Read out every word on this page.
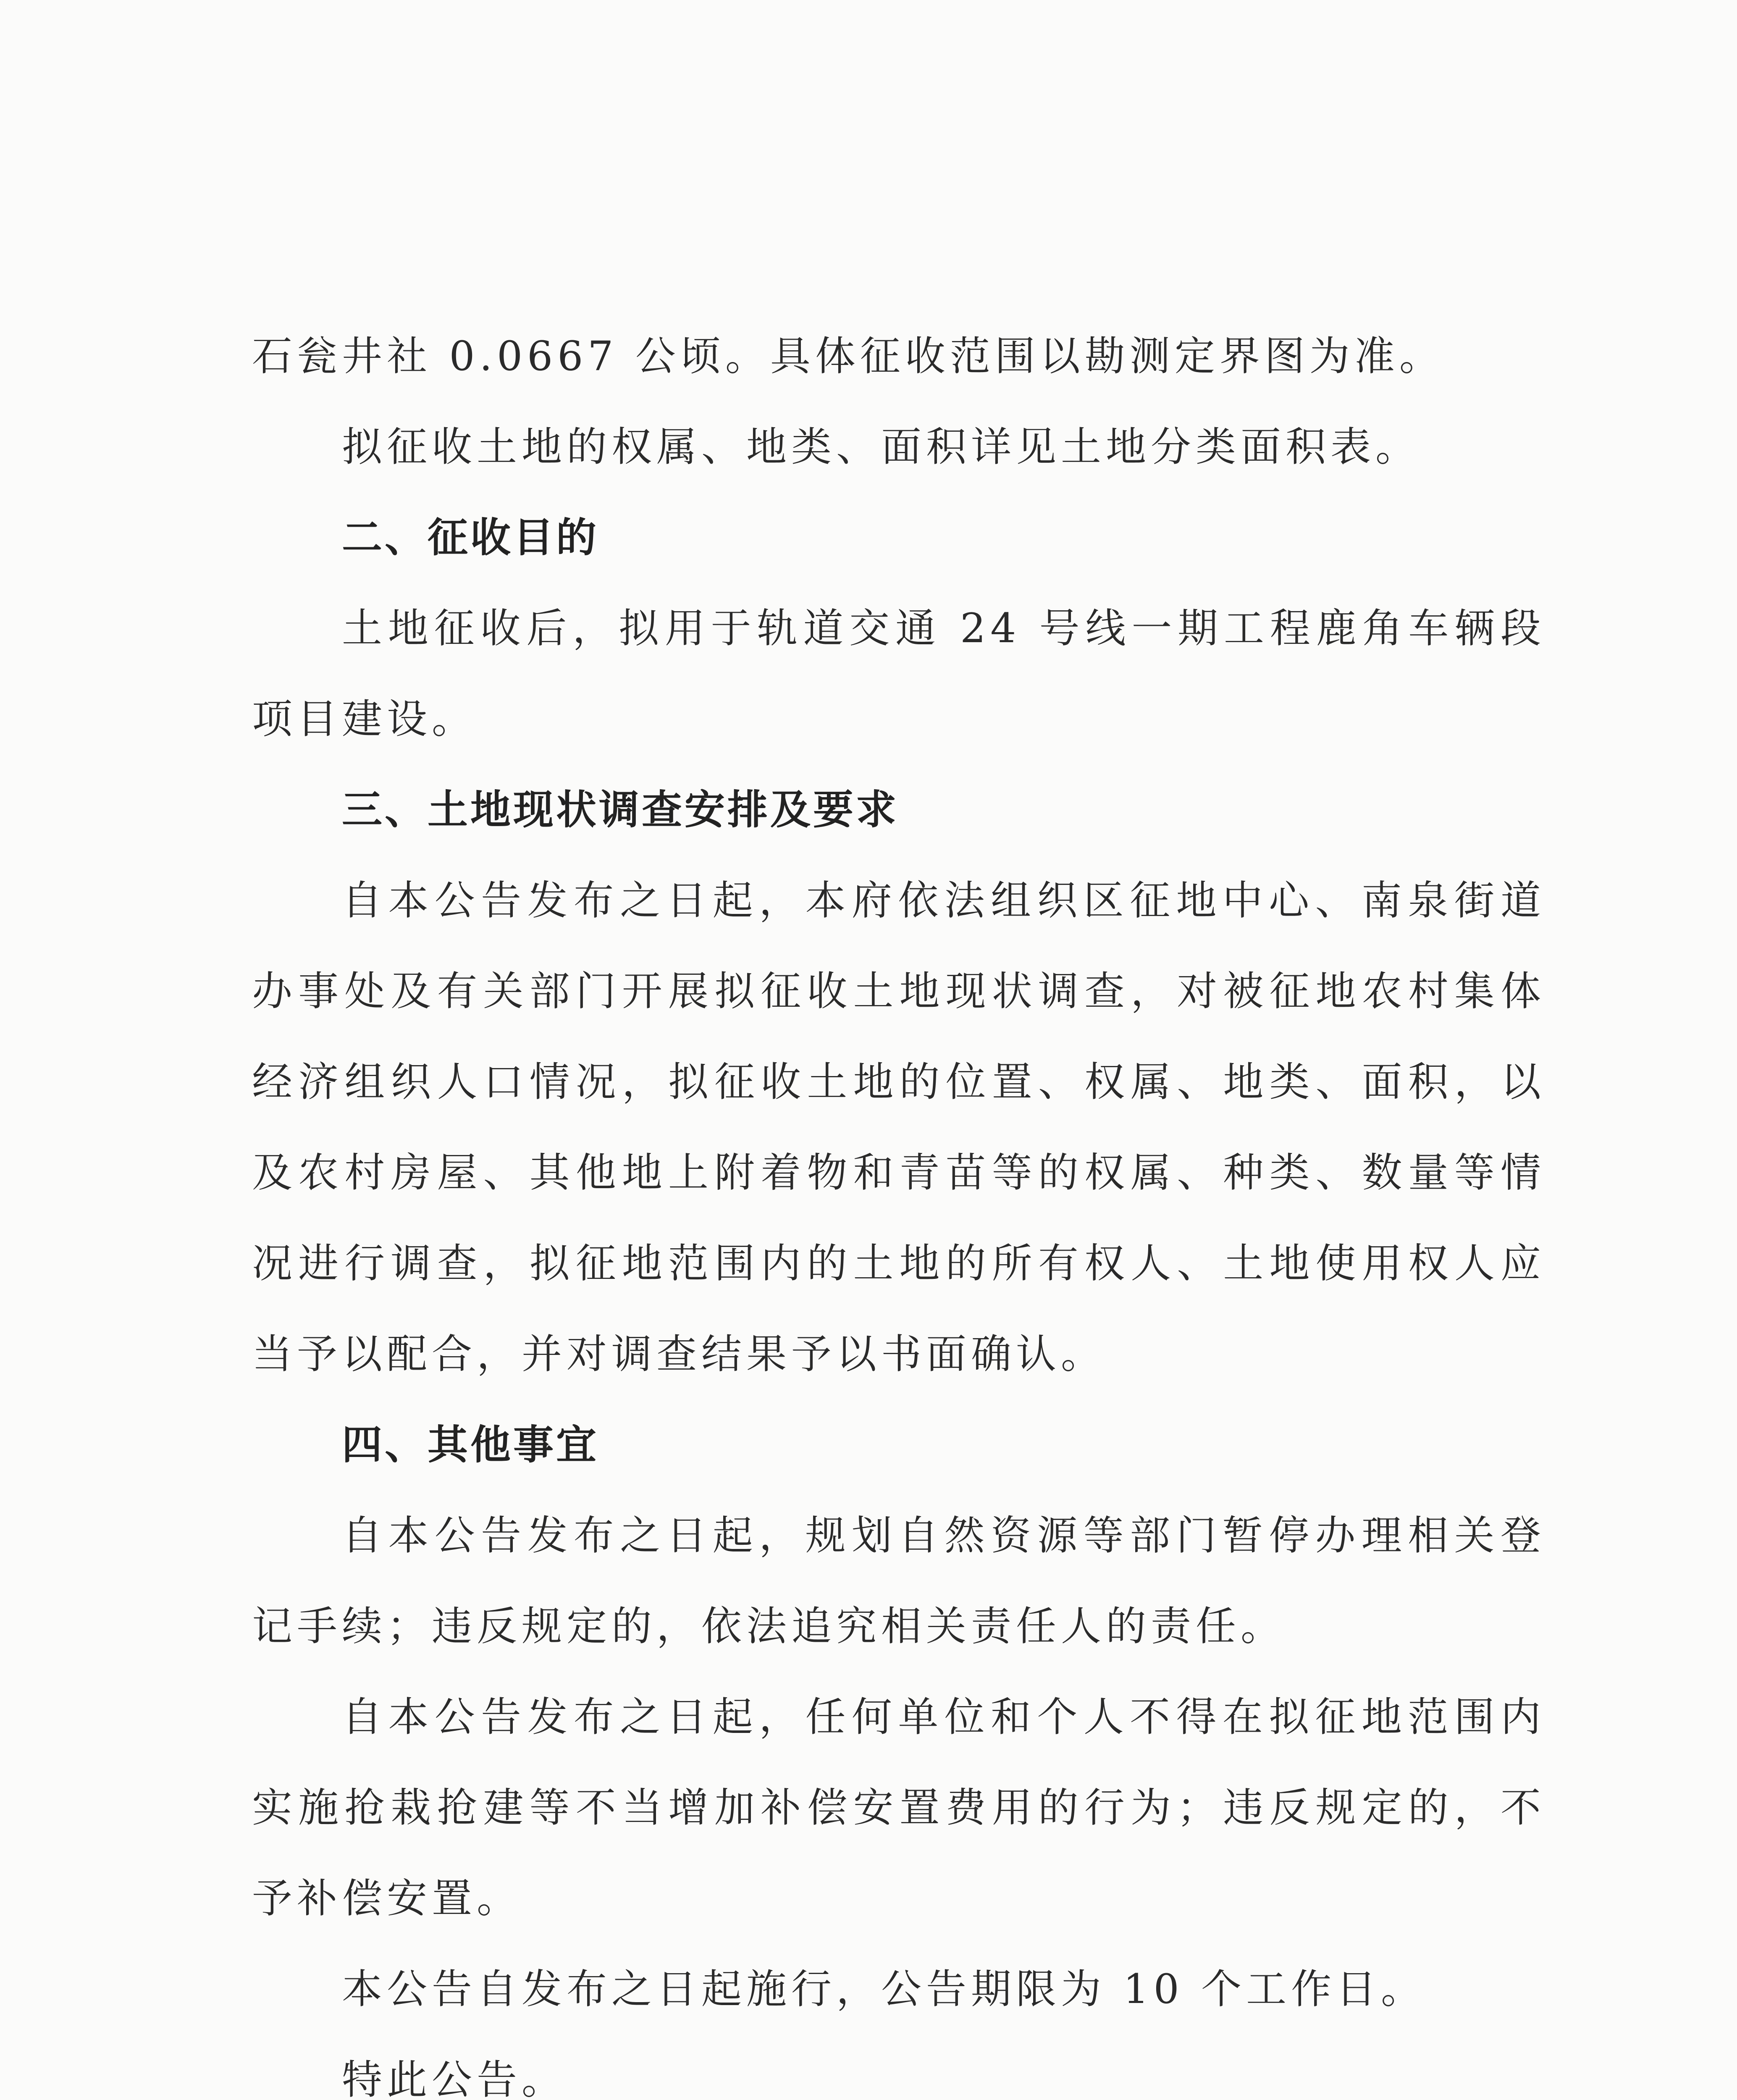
石瓮井社 0.0667 公顷。具体征收范围以勘测定界图为准。

拟征收土地的权属、地类、面积详见土地分类面积表。

二、征收目的

土地征收后，拟用于轨道交通 24 号线一期工程鹿角车辆段项目建设。

三、土地现状调查安排及要求

自本公告发布之日起，本府依法组织区征地中心、南泉街道办事处及有关部门开展拟征收土地现状调查，对被征地农村集体经济组织人口情况，拟征收土地的位置、权属、地类、面积，以及农村房屋、其他地上附着物和青苗等的权属、种类、数量等情况进行调查，拟征地范围内的土地的所有权人、土地使用权人应当予以配合，并对调查结果予以书面确认。

四、其他事宜

自本公告发布之日起，规划自然资源等部门暂停办理相关登记手续；违反规定的，依法追究相关责任人的责任。

自本公告发布之日起，任何单位和个人不得在拟征地范围内实施抢栽抢建等不当增加补偿安置费用的行为；违反规定的，不予补偿安置。

本公告自发布之日起施行，公告期限为 10 个工作日。

特此公告。
